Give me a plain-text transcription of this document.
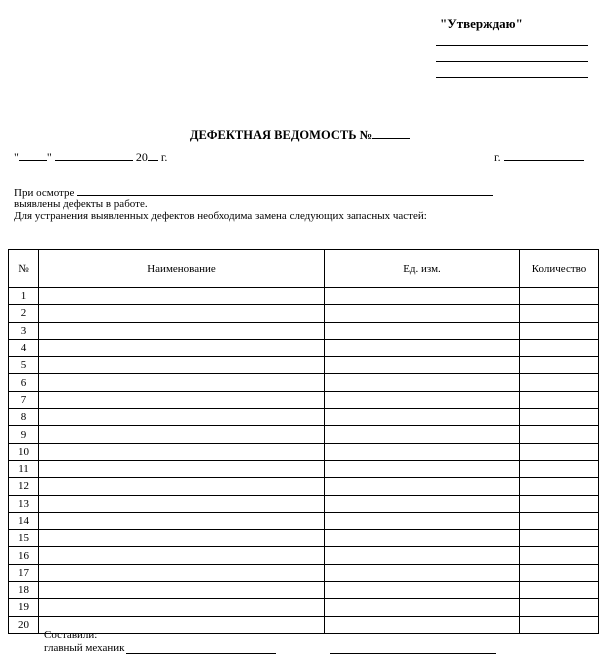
"Утверждаю"
ДЕФЕКТНАЯ ВЕДОМОСТЬ №
" "	20 г.	г.
При осмотре
выявлены дефекты в работе.
Для устранения выявленных дефектов необходима замена следующих запасных частей:
№	Наименование	Ед. изм.	Количество
1			
2			
3			
4			
5			
6			
7			
8			
9			
10			
11			
12			
13			
14			
15			
16			
17			
18			
19			
20			
Составили:
главный механик
